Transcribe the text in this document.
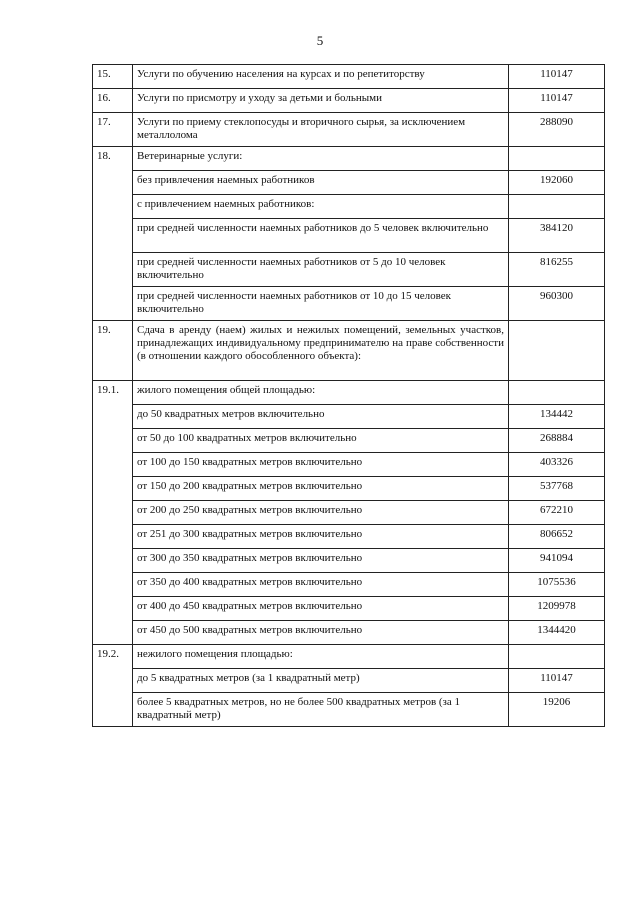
5
15.	Услуги по обучению населения на курсах и по репетиторству	110147
16.	Услуги по присмотру и уходу за детьми и больными	110147
17.	Услуги по приему стеклопосуды и вторичного сырья, за исключением металлолома	288090
18.	Ветеринарные услуги:	
	без привлечения наемных работников	192060
	с привлечением наемных работников:	
	при средней численности наемных работников до 5 человек включительно	384120
	при средней численности наемных работников от 5 до 10 человек включительно	816255
	при средней численности наемных работников от 10 до 15 человек включительно	960300
19.	Сдача в аренду (наем) жилых и нежилых помещений, земельных участков, принадлежащих индивидуальному предпринимателю на праве собственности (в отношении каждого обособленного объекта):	
19.1.	жилого помещения общей площадью:	
	до 50 квадратных метров включительно	134442
	от 50 до 100 квадратных метров включительно	268884
	от 100 до 150 квадратных метров включительно	403326
	от 150 до 200 квадратных метров включительно	537768
	от 200 до 250 квадратных метров включительно	672210
	от 251 до 300 квадратных метров включительно	806652
	от 300 до 350 квадратных метров включительно	941094
	от 350 до 400 квадратных метров включительно	1075536
	от 400 до 450 квадратных метров включительно	1209978
	от 450 до 500 квадратных метров включительно	1344420
19.2.	нежилого помещения площадью:	
	до 5 квадратных метров (за 1 квадратный метр)	110147
	более 5 квадратных метров, но не более 500 квадратных метров (за 1 квадратный метр)	19206
